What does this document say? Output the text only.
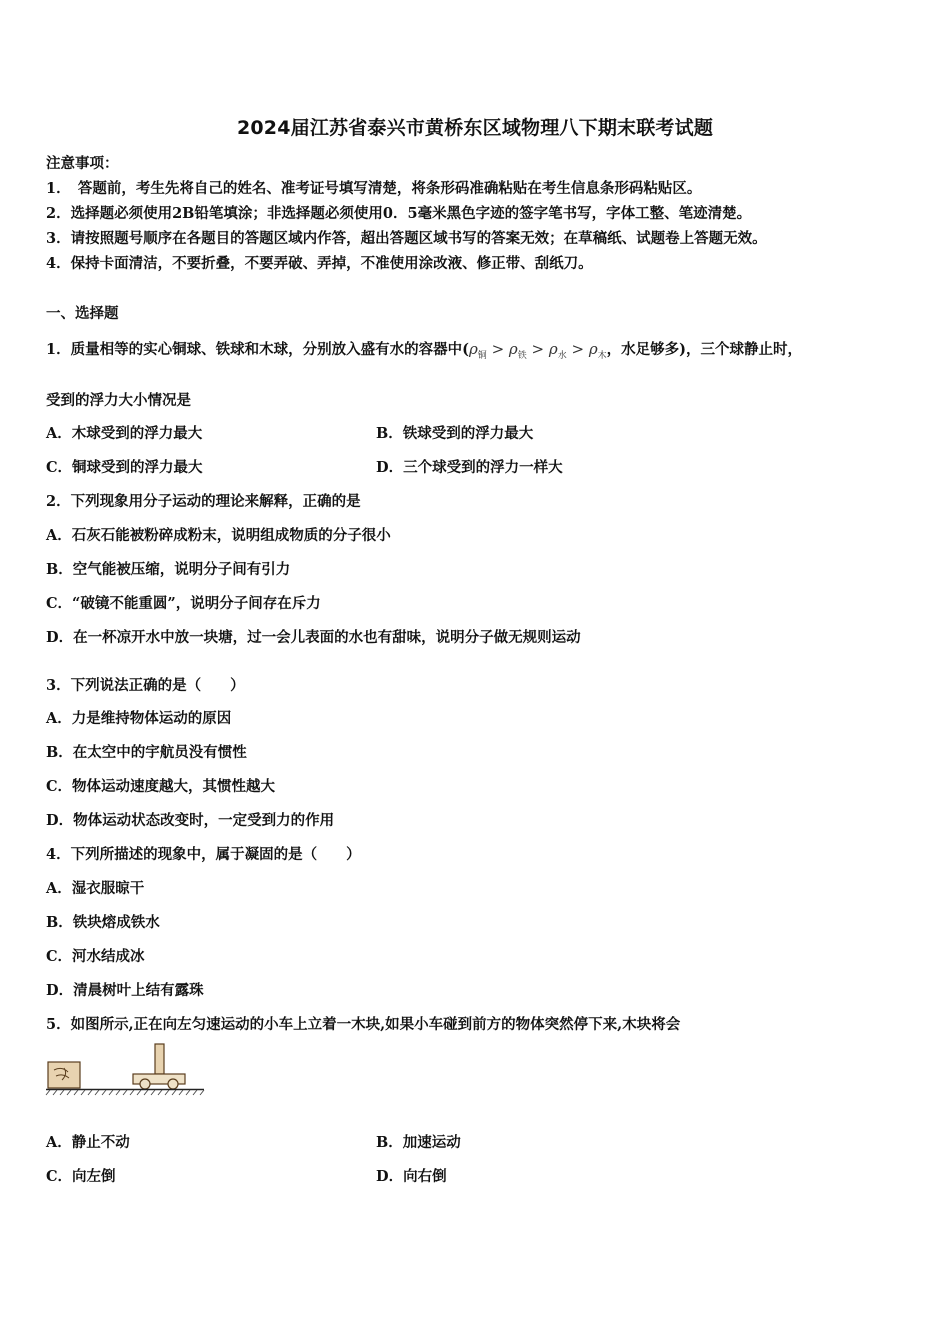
2024届江苏省泰兴市黄桥东区域物理八下期末联考试题
注意事项：
1．　答题前，考生先将自己的姓名、准考证号填写清楚，将条形码准确粘贴在考生信息条形码粘贴区。
2．选择题必须使用2B铅笔填涂；非选择题必须使用0．5毫米黑色字迹的签字笔书写，字体工整、笔迹清楚。
3．请按照题号顺序在各题目的答题区域内作答，超出答题区域书写的答案无效；在草稿纸、试题卷上答题无效。
4．保持卡面清洁，不要折叠，不要弄破、弄掉，不准使用涂改液、修正带、刮纸刀。
一、选择题
1．质量相等的实心铜球、铁球和木球，分别放入盛有水的容器中($\rho_铜 > \rho_铁 > \rho_水 > \rho_木$，水足够多)，三个球静止时，
受到的浮力大小情况是
A．木球受到的浮力最大	B．铁球受到的浮力最大
C．铜球受到的浮力最大	D．三个球受到的浮力一样大
2．下列现象用分子运动的理论来解释，正确的是
A．石灰石能被粉碎成粉末，说明组成物质的分子很小
B．空气能被压缩，说明分子间有引力
C．“破镜不能重圆”，说明分子间存在斥力
D．在一杯凉开水中放一块塘，过一会儿表面的水也有甜味，说明分子做无规则运动
3．下列说法正确的是（　　）
A．力是维持物体运动的原因
B．在太空中的宇航员没有惯性
C．物体运动速度越大，其惯性越大
D．物体运动状态改变时，一定受到力的作用
4．下列所描述的现象中，属于凝固的是（　　）
A．湿衣服晾干
B．铁块熔成铁水
C．河水结成冰
D．清晨树叶上结有露珠
5．如图所示,正在向左匀速运动的小车上立着一木块,如果小车碰到前方的物体突然停下来,木块将会
A．静止不动	B．加速运动
C．向左倒	D．向右倒
